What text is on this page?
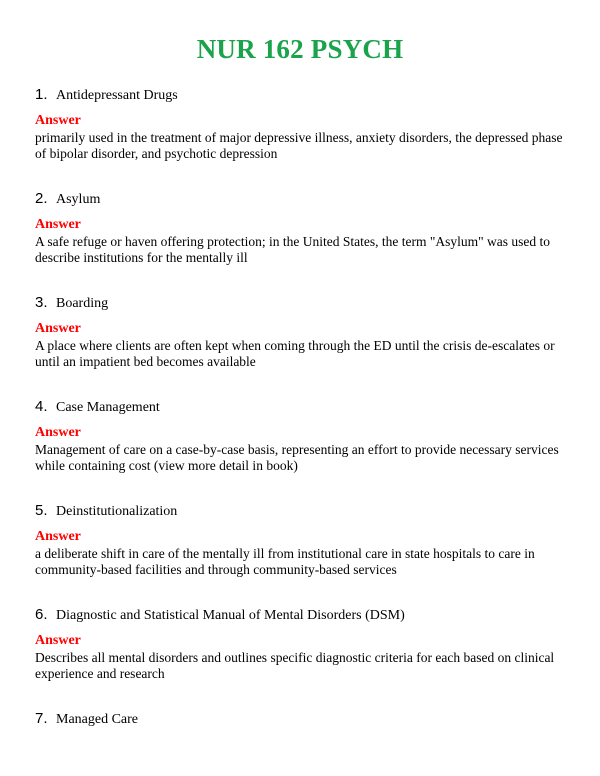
NUR 162 PSYCH
1. Antidepressant Drugs
Answer
primarily used in the treatment of major depressive illness, anxiety disorders, the depressed phase of bipolar disorder, and psychotic depression
2. Asylum
Answer
A safe refuge or haven offering protection; in the United States, the term "Asylum" was used to describe institutions for the mentally ill
3. Boarding
Answer
A place where clients are often kept when coming through the ED until the crisis de-escalates or until an impatient bed becomes available
4. Case Management
Answer
Management of care on a case-by-case basis, representing an effort to provide necessary services while containing cost (view more detail in book)
5. Deinstitutionalization
Answer
a deliberate shift in care of the mentally ill from institutional care in state hospitals to care in community-based facilities and through community-based services
6. Diagnostic and Statistical Manual of Mental Disorders (DSM)
Answer
Describes all mental disorders and outlines specific diagnostic criteria for each based on clinical experience and research
7. Managed Care
